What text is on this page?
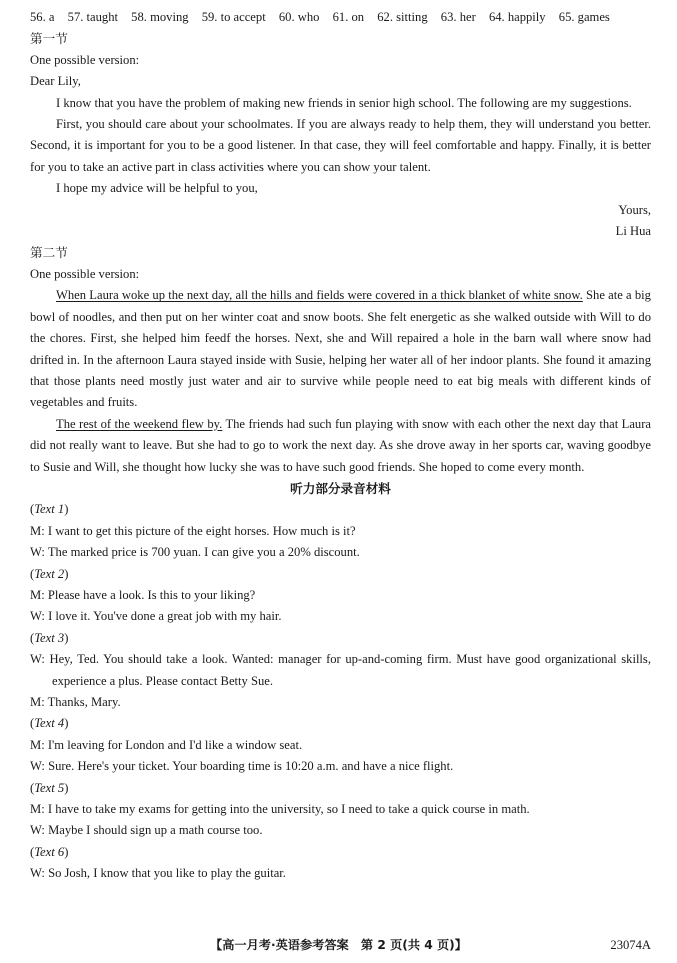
56. a 57. taught 58. moving 59. to accept 60. who 61. on 62. sitting 63. her 64. happily 65. games
第一节
One possible version:
Dear Lily,
I know that you have the problem of making new friends in senior high school. The following are my suggestions.
First, you should care about your schoolmates. If you are always ready to help them, they will understand you better. Second, it is important for you to be a good listener. In that case, they will feel comfortable and happy. Finally, it is better for you to take an active part in class activities where you can show your talent.
I hope my advice will be helpful to you,
Yours,
Li Hua
第二节
One possible version:
When Laura woke up the next day, all the hills and fields were covered in a thick blanket of white snow. She ate a big bowl of noodles, and then put on her winter coat and snow boots. She felt energetic as she walked outside with Will to do the chores. First, she helped him feedf the horses. Next, she and Will repaired a hole in the barn wall where snow had drifted in. In the afternoon Laura stayed inside with Susie, helping her water all of her indoor plants. She found it amazing that those plants need mostly just water and air to survive while people need to eat big meals with different kinds of vegetables and fruits.
The rest of the weekend flew by. The friends had such fun playing with snow with each other the next day that Laura did not really want to leave. But she had to go to work the next day. As she drove away in her sports car, waving goodbye to Susie and Will, she thought how lucky she was to have such good friends. She hoped to come every month.
听力部分录音材料
(Text 1)
M: I want to get this picture of the eight horses. How much is it?
W: The marked price is 700 yuan. I can give you a 20% discount.
(Text 2)
M: Please have a look. Is this to your liking?
W: I love it. You've done a great job with my hair.
(Text 3)
W: Hey, Ted. You should take a look. Wanted: manager for up-and-coming firm. Must have good organizational skills, experience a plus. Please contact Betty Sue.
M: Thanks, Mary.
(Text 4)
M: I'm leaving for London and I'd like a window seat.
W: Sure. Here's your ticket. Your boarding time is 10:20 a.m. and have a nice flight.
(Text 5)
M: I have to take my exams for getting into the university, so I need to take a quick course in math.
W: Maybe I should sign up a math course too.
(Text 6)
W: So Josh, I know that you like to play the guitar.
【高一月考·英语参考答案　第 2 页(共 4 页)】	23074A
